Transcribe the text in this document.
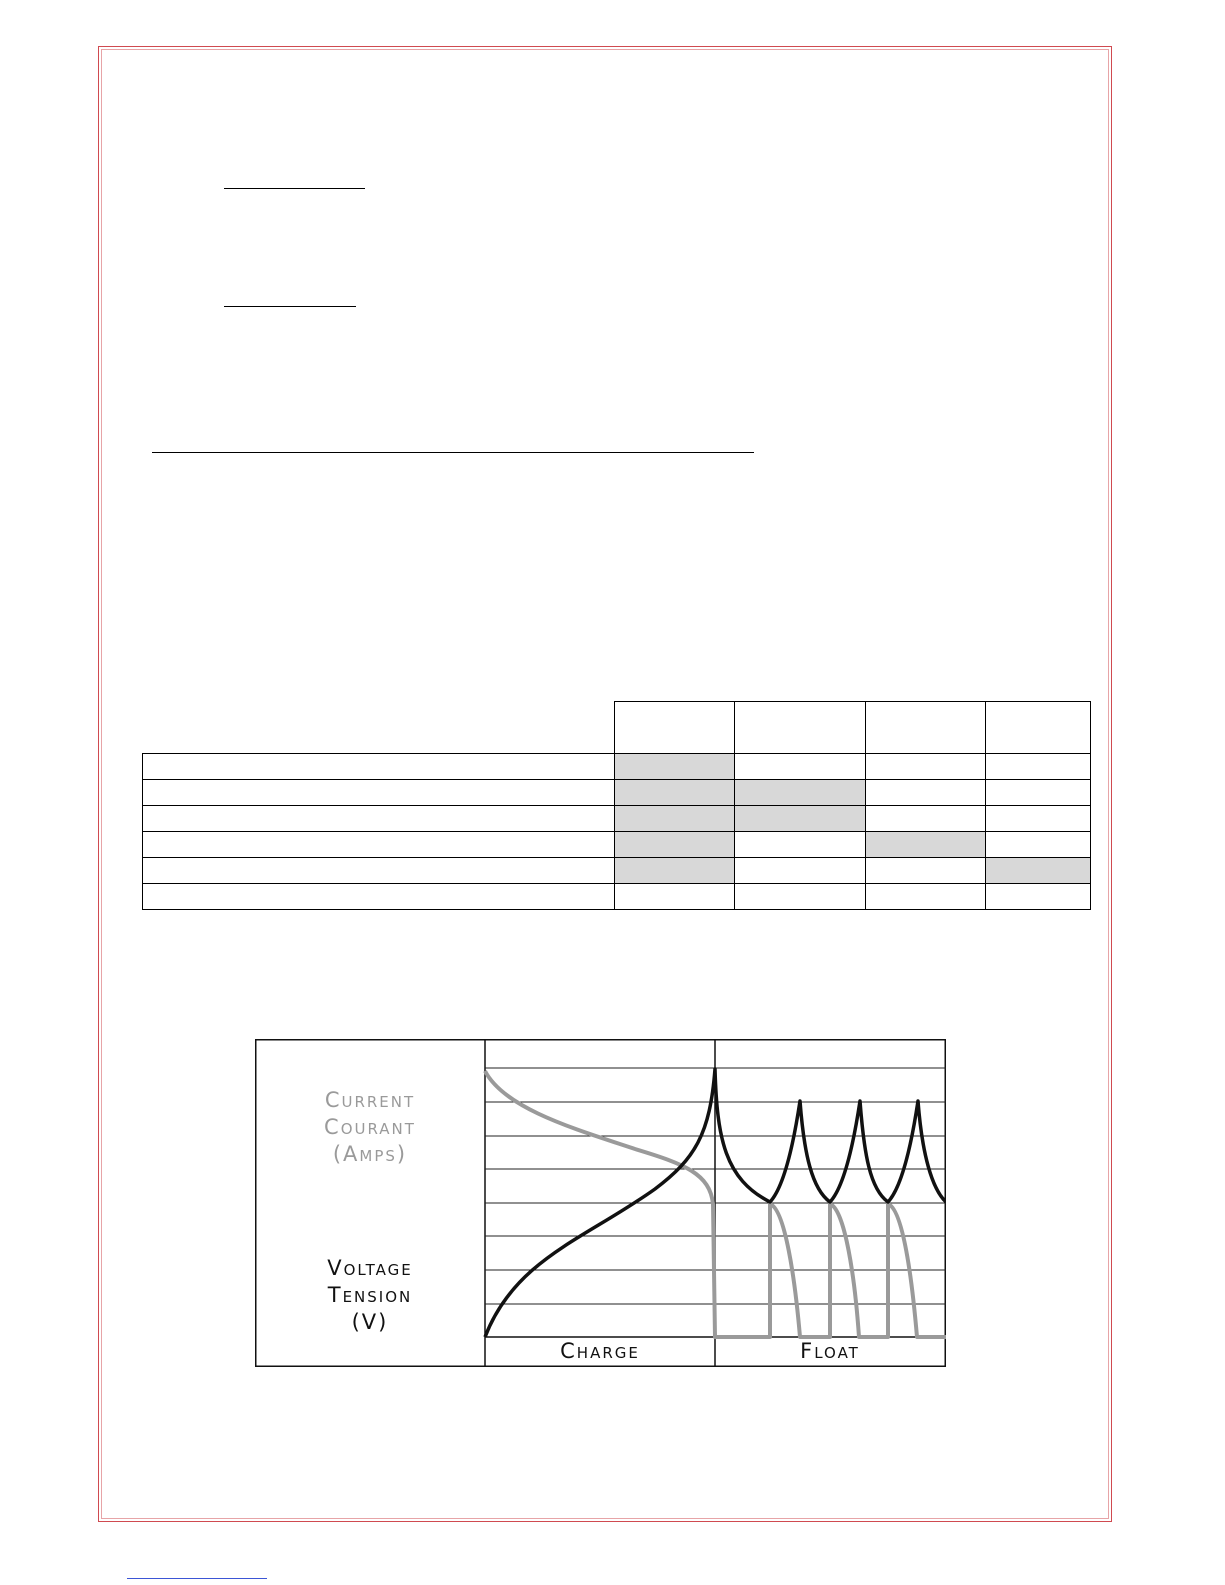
Current
Courant
(Amps)
Voltage
Tension
(V)
Charge	Float
